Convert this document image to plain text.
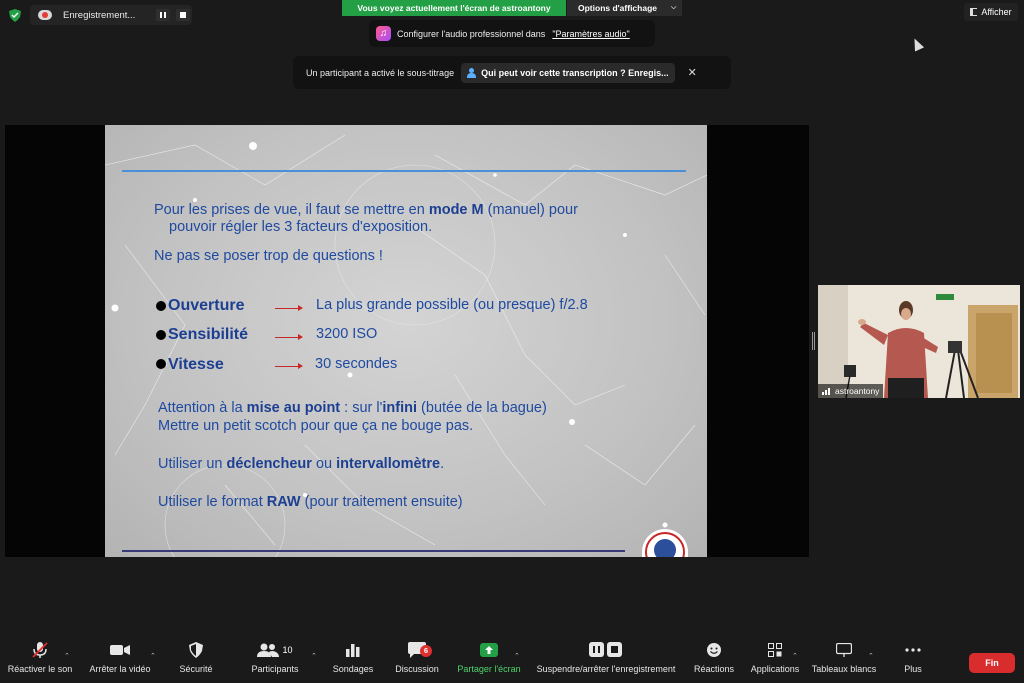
Enregistrement...
Vous voyez actuellement l'écran de astroantony	Options d'affichage ⌵	Afficher
♫	Configurer l'audio professionnel dans "Paramètres audio"
Un participant a activé le sous-titrage	Qui peut voir cette transcription ? Enregis... ✕
Pour les prises de vue, il faut se mettre en mode M (manuel) pour
pouvoir régler les 3 facteurs d'exposition.
Ne pas se poser trop de questions !
Ouverture	La plus grande possible (ou presque) f/2.8
Sensibilité	3200 ISO
Vitesse	30 secondes
Attention à la mise au point : sur l'infini (butée de la bague)
Mettre un petit scotch pour que ça ne bouge pas.
Utiliser un déclencheur ou intervallomètre.
Utiliser le format RAW (pour traitement ensuite)
astroantony
Réactiver le son
⌃
Arrêter la vidéo
⌃
Sécurité
10
Participants
⌃
Sondages
6
Discussion Partager l'écran
⌃
Suspendre/arrêter l'enregistrement Réactions Applications
⌃
Tableaux blancs
⌃
Plus
Fin
